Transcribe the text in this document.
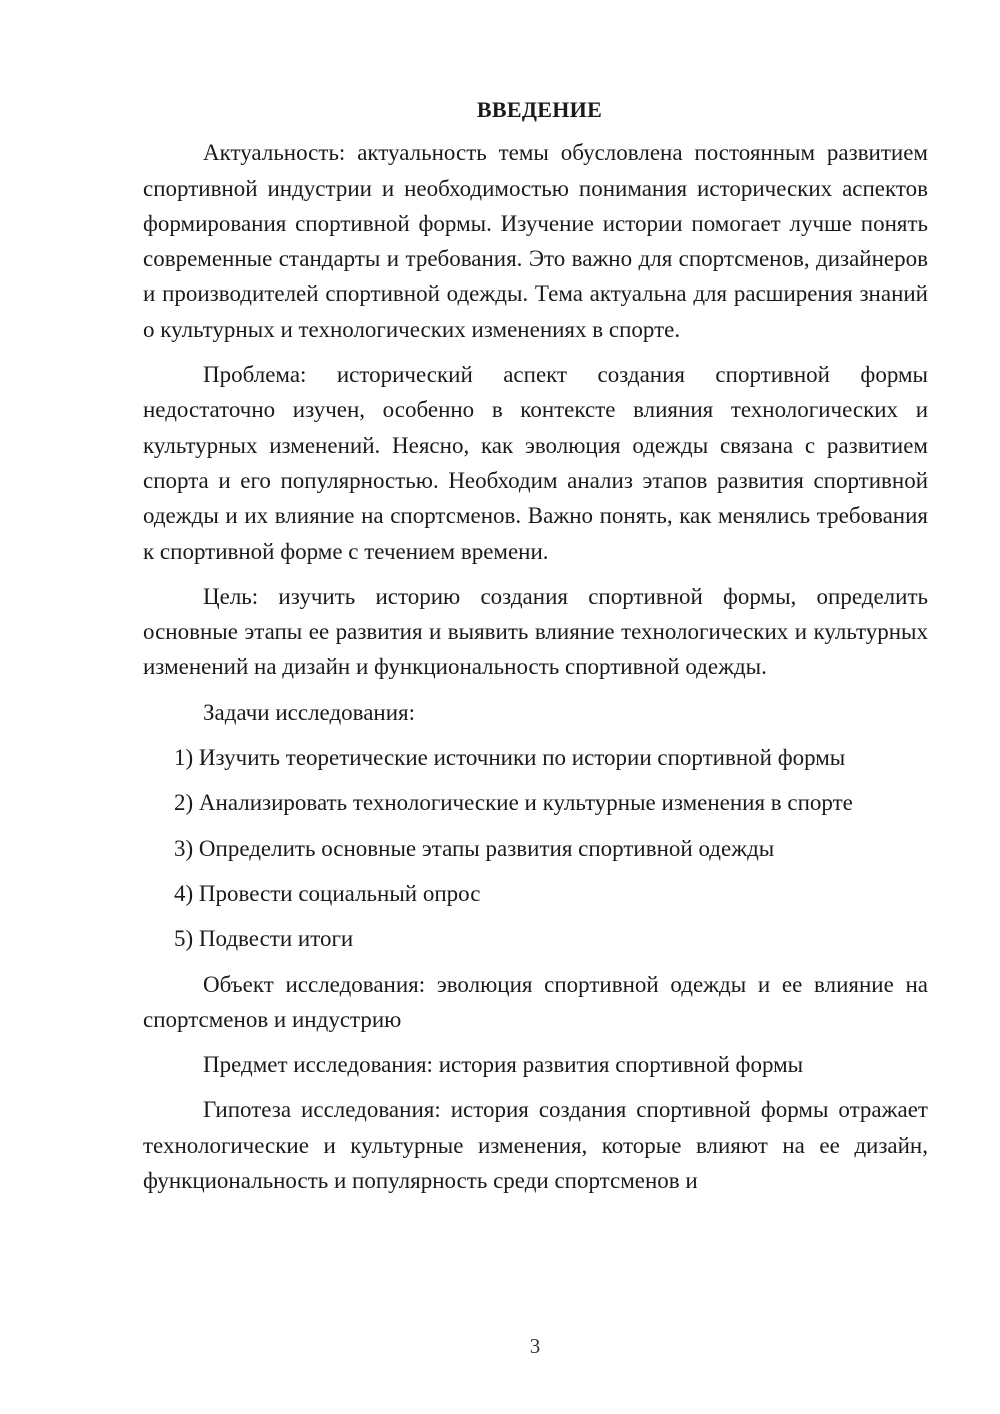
ВВЕДЕНИЕ

Актуальность: актуальность темы обусловлена постоянным развитием спортивной индустрии и необходимостью понимания исторических аспектов формирования спортивной формы. Изучение истории помогает лучше понять современные стандарты и требования. Это важно для спортсменов, дизайнеров и производителей спортивной одежды. Тема актуальна для расширения знаний о культурных и технологических изменениях в спорте.

Проблема: исторический аспект создания спортивной формы недостаточно изучен, особенно в контексте влияния технологических и культурных изменений. Неясно, как эволюция одежды связана с развитием спорта и его популярностью. Необходим анализ этапов развития спортивной одежды и их влияние на спортсменов. Важно понять, как менялись требования к спортивной форме с течением времени.

Цель: изучить историю создания спортивной формы, определить основные этапы ее развития и выявить влияние технологических и культурных изменений на дизайн и функциональность спортивной одежды.

Задачи исследования:
1) Изучить теоретические источники по истории спортивной формы
2) Анализировать технологические и культурные изменения в спорте
3) Определить основные этапы развития спортивной одежды
4) Провести социальный опрос
5) Подвести итоги

Объект исследования: эволюция спортивной одежды и ее влияние на спортсменов и индустрию

Предмет исследования: история развития спортивной формы

Гипотеза исследования: история создания спортивной формы отражает технологические и культурные изменения, которые влияют на ее дизайн, функциональность и популярность среди спортсменов и

3
